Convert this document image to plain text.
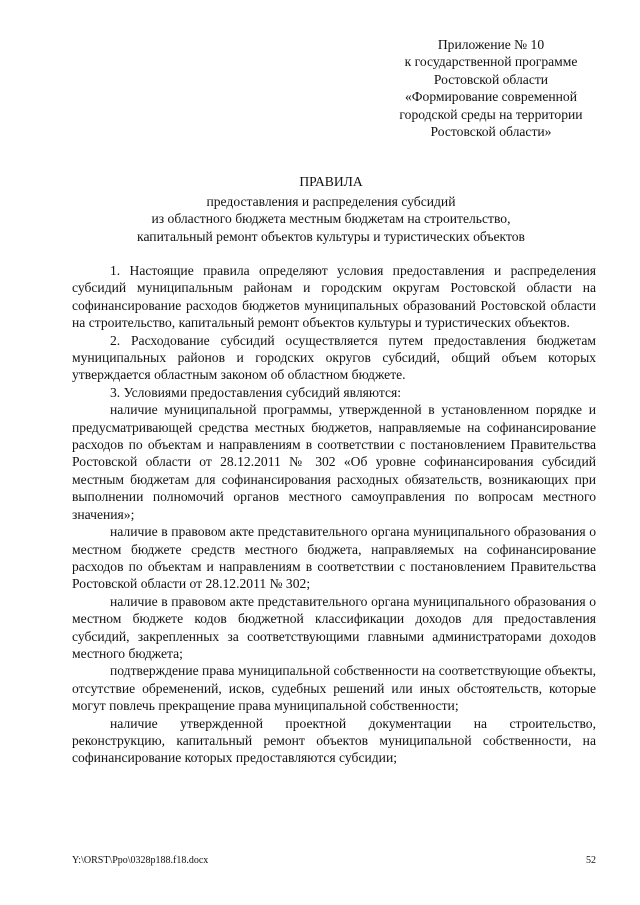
Приложение № 10
к государственной программе
Ростовской области
«Формирование современной
городской среды на территории
Ростовской области»
ПРАВИЛА
предоставления и распределения субсидий
из областного бюджета местным бюджетам на строительство,
капитальный ремонт объектов культуры и туристических объектов

1. Настоящие правила определяют условия предоставления и распределения субсидий муниципальным районам и городским округам Ростовской области на софинансирование расходов бюджетов муниципальных образований Ростовской области на строительство, капитальный ремонт объектов культуры и туристических объектов.

2. Расходование субсидий осуществляется путем предоставления бюджетам муниципальных районов и городских округов субсидий, общий объем которых утверждается областным законом об областном бюджете.

3. Условиями предоставления субсидий являются:

наличие муниципальной программы, утвержденной в установленном порядке и предусматривающей средства местных бюджетов, направляемые на софинансирование расходов по объектам и направлениям в соответствии с постановлением Правительства Ростовской области от 28.12.2011 № 302 «Об уровне софинансирования субсидий местным бюджетам для софинансирования расходных обязательств, возникающих при выполнении полномочий органов местного самоуправления по вопросам местного значения»;

наличие в правовом акте представительного органа муниципального образования о местном бюджете средств местного бюджета, направляемых на софинансирование расходов по объектам и направлениям в соответствии с постановлением Правительства Ростовской области от 28.12.2011 № 302;

наличие в правовом акте представительного органа муниципального образования о местном бюджете кодов бюджетной классификации доходов для предоставления субсидий, закрепленных за соответствующими главными администраторами доходов местного бюджета;

подтверждение права муниципальной собственности на соответствующие объекты, отсутствие обременений, исков, судебных решений или иных обстоятельств, которые могут повлечь прекращение права муниципальной собственности;

наличие утвержденной проектной документации на строительство, реконструкцию, капитальный ремонт объектов муниципальной собственности, на софинансирование которых предоставляются субсидии;

Y:\ORST\Ppo\0328p188.f18.docx	52
